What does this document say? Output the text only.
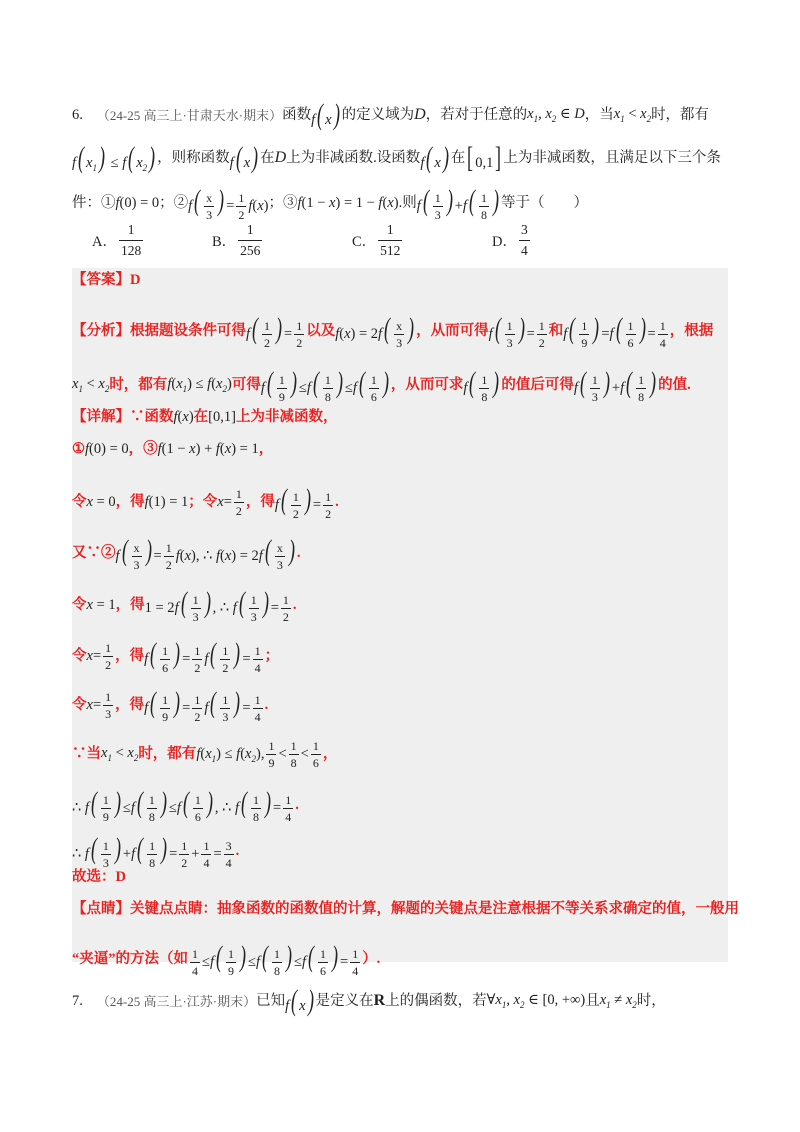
6. （24-25 高三上·甘肃天水·期末） 函数 f( x) 的定义域为 D ，若对于任意的 $x_1$, $x_2$ ∈ D ，当 $x_1 < x_2$ 时，都有
f( $x_1) \le f$( $x_2$) ，则称函数 f( x) 在 D 上为非减函数.设函数 f( x) 在 [ 0,1] 上为非减函数，且满足以下三个条
件：① f(0) = 0 ；② $f( \frac{x}{3}$ ) = $\frac{1}{2} f(x)$ ；③ f(1 − x) = 1 − f(x) .则 $f( \frac{1}{3}$ ) $+f( \frac{1}{8}$ ) 等于（　　）
A． $\frac{1}{128}$	B． $\frac{1}{256}$	C． $\frac{1}{512}$	D． $\frac{3}{4}$
【答案】D
【分析】 根据题设条件可得 $f( \frac{1}{2}$ ) = $\frac{1}{2}$ 以及 $f(x) = 2f( \frac{x}{3}$ ) ，从而可得 $f( \frac{1}{3}$ ) = $\frac{1}{2}$ 和 $f( \frac{1}{9}$ ) $=f( \frac{1}{6}$ ) = $\frac{1}{4}$ ，根据
$x_1 < x_2$ 时，都有 $f(x_1) \le f(x_2)$ 可得 $f( \frac{1}{9}$ ) $\le f( \frac{1}{8}$ ) $\le f( \frac{1}{6}$ ) ，从而可求 $f( \frac{1}{8}$ ) 的值后可得 $f( \frac{1}{3}$ ) $+f( \frac{1}{8}$ ) 的值.
【详解】 ∵函数 f(x) 在 [0,1] 上为非减函数，
① f(0) = 0 ，③ f(1 − x) + f(x) = 1 ，
令 x = 0 ，得 f(1) = 1 ；令 $x= \frac{1}{2}$ ，得 $f( \frac{1}{2}$ ) = $\frac{1}{2}$ .
又∵② $f( \frac{x}{3}$ ) = $\frac{1}{2} f(x)$, ∴ $f(x) = 2f( \frac{x}{3}$ ) .
令 x = 1 ，得 $1 = 2f( \frac{1}{3}$ ) , ∴ $f( \frac{1}{3}$ ) = $\frac{1}{2}$ .
令 $x= \frac{1}{2}$ ，得 $f( \frac{1}{6}$ ) = $\frac{1}{2} f( \frac{1}{2}$ ) = $\frac{1}{4}$ ；
令 $x= \frac{1}{3}$ ，得 $f( \frac{1}{9}$ ) = $\frac{1}{2} f( \frac{1}{3}$ ) = $\frac{1}{4}$ .
∵当 $x_1 < x_2$ 时，都有 $f(x_1) \le f(x_2)$, $\frac{1}{9} < \frac{1}{8} < \frac{1}{6}$ ，
∴ $f( \frac{1}{9}$ ) $\le f( \frac{1}{8}$ ) $\le f( \frac{1}{6}$ ) , ∴ $f( \frac{1}{8}$ ) = $\frac{1}{4}$ .
∴ $f( \frac{1}{3}$ ) $+f( \frac{1}{8}$ ) = $\frac{1}{2} + \frac{1}{4} = \frac{3}{4}$ .
故选：D
【点睛】 关键点点睛：抽象函数的函数值的计算，解题的关键点是注意根据不等关系求确定的值，一般用
“夹逼”的方法（如 $\frac{1}{4} \le f( \frac{1}{9}$ ) $\le f( \frac{1}{8}$ ) $\le f( \frac{1}{6}$ ) = $\frac{1}{4}$ ）.
7. （24-25 高三上·江苏·期末） 已知 f( x) 是定义在 R 上的偶函数，若 $\forall x_1$, $x_2$ ∈ [0, +∞) 且 $x_1 \ne x_2$ 时，
